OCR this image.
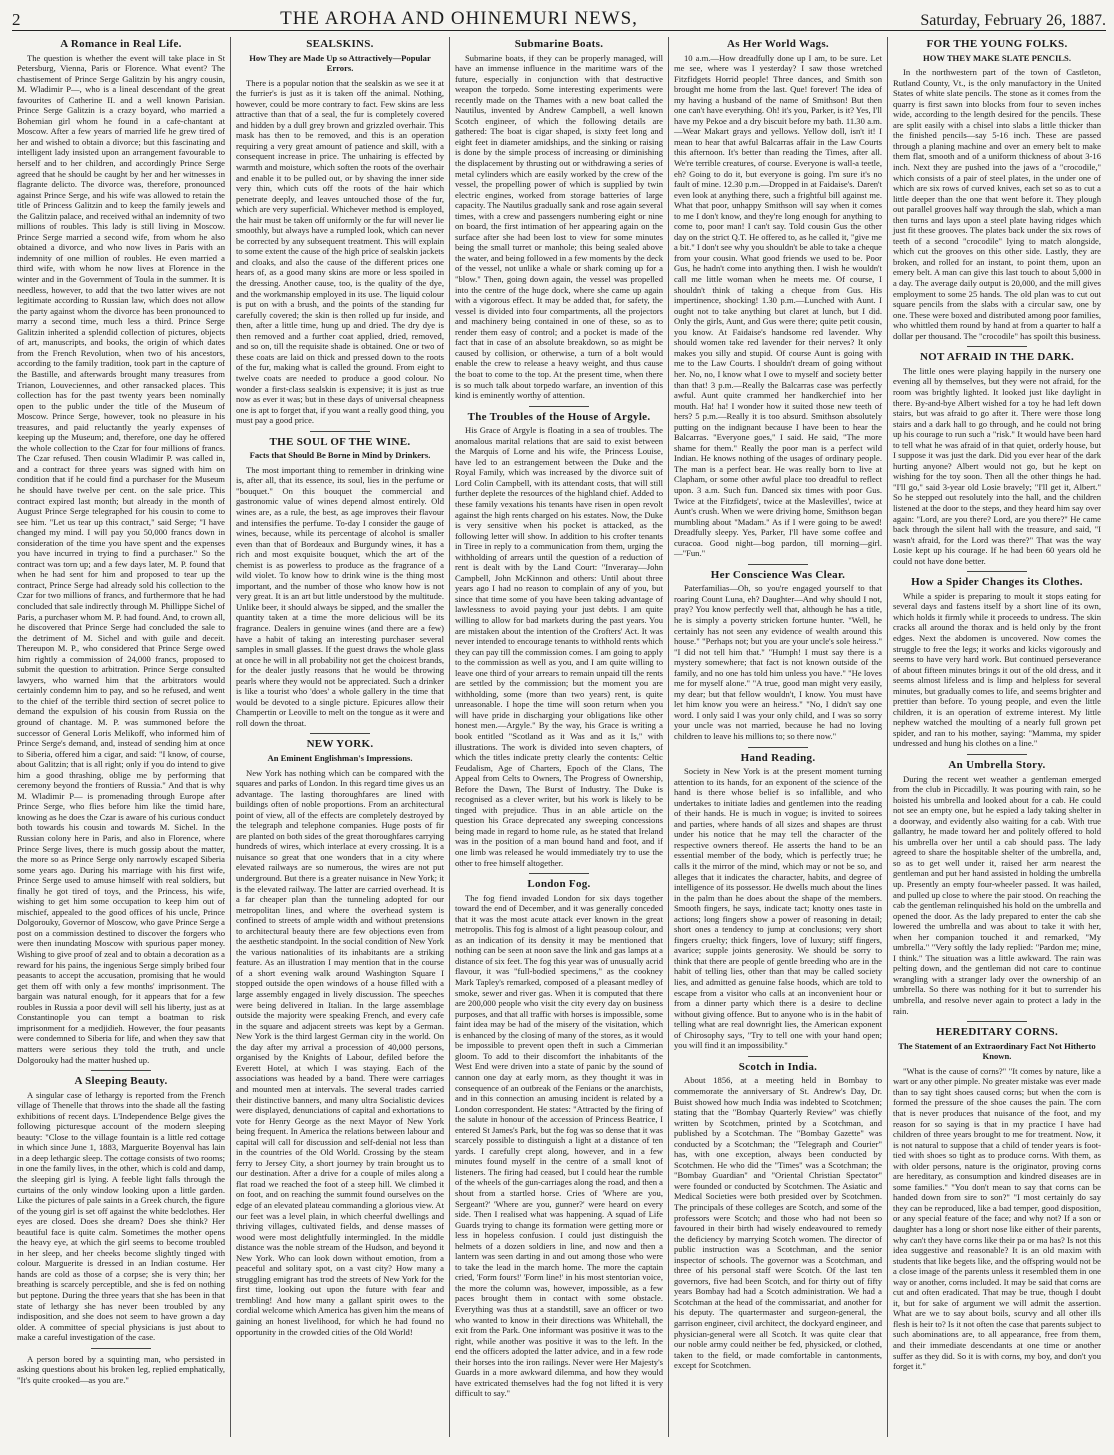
2	THE AROHA AND OHINEMURI NEWS,	Saturday, February 26, 1887.
A Romance in Real Life.

The question is whether the event will take place in St Petersburg, Vienna, Paris or Florence. What event? The chastisement of Prince Serge Galitzin by his angry cousin, M. Wladimir P—, who is a lineal descendant of the great favourites of Catherine II. and a well known Parisian. Prince Serge Galitzin is a crazy boyard, who married a Bohemian girl whom he found in a cafe-chantant at Moscow. After a few years of married life he grew tired of her and wished to obtain a divorce; but this fascinating and intelligent lady insisted upon an arrangement favourable to herself and to her children, and accordingly Prince Serge agreed that he should be caught by her and her witnesses in flagrante delicto. The divorce was, therefore, pronounced against Prince Serge, and his wife was allowed to retain the title of Princess Galitzin and to keep the family jewels and the Galitzin palace, and received withal an indemnity of two millions of roubles. This lady is still living in Moscow. Prince Serge married a second wife, from whom he also obtained a divorce, and who now lives in Paris with an indemnity of one million of roubles. He even married a third wife, with whom he now lives at Florence in the winter and in the Government of Toula in the summer. It is needless, however, to add that the two latter wives are not legitimate according to Russian law, which does not allow the party against whom the divorce has been pronounced to marry a second time, much less a third. Prince Serge Galitzin inherited a splendid collection of pictures, objects of art, manuscripts, and books, the origin of which dates from the French Revolution, when two of his ancestors, according to the family tradition, took part in the capture of the Bastille, and afterwards brought many treasures from Trianon, Louveciennes, and other ransacked places. This collection has for the past twenty years been nominally open to the public under the title of the Museum of Moscow. Prince Serge, however, took no pleasure in his treasures, and paid reluctantly the yearly expenses of keeping up the Museum; and, therefore, one day he offered the whole collection to the Czar for four millions of francs. The Czar refused. Then cousin Wladimir P. was called in, and a contract for three years was signed with him on condition that if he could find a purchaser for the Museum he should have twelve per cent. on the sale price. This contract expired last month; but already in the month of August Prince Serge telegraphed for his cousin to come to see him. "Let us tear up this contract," said Serge; "I have changed my mind. I will pay you 50,000 francs down in consideration of the time you have spent and the expenses you have incurred in trying to find a purchaser." So the contract was torn up; and a few days later, M. P. found that when he had sent for him and proposed to tear up the contract, Prince Serge had already sold his collection to the Czar for two millions of francs, and furthermore that he had concluded that sale indirectly through M. Phillippe Sichel of Paris, a purchaser whom M. P. had found. And, to crown all, he discovered that Prince Serge had concluded the sale to the detriment of M. Sichel and with guile and deceit. Thereupon M. P., who considered that Prince Serge owed him rightly a commission of 24,000 francs, proposed to submit the question to arbitration. Prince Serge consulted lawyers, who warned him that the arbitrators would certainly condemn him to pay, and so he refused, and went to the chief of the terrible third section of secret police to demand the expulsion of his cousin from Russia on the ground of chantage. M. P. was summoned before the successor of General Loris Melikoff, who informed him of Prince Serge's demand, and, instead of sending him at once to Siberia, offered him a cigar, and said: "I know, of course, about Galitzin; that is all right; only if you do intend to give him a good thrashing, oblige me by performing that ceremony beyond the frontiers of Russia." And that is why M. Wladimir P— is promenading through Europe after Prince Serge, who flies before him like the timid hare, knowing as he does the Czar is aware of his curious conduct both towards his cousin and towards M. Sichel. In the Russian colony here in Paris, and also in Florence, where Prince Serge lives, there is much gossip about the matter, the more so as Prince Serge only narrowly escaped Siberia some years ago. During his marriage with his first wife, Prince Serge used to amuse himself with real soldiers, but finally he got tired of toys, and the Princess, his wife, wishing to get him some occupation to keep him out of mischief, appealed to the good offices of his uncle, Prince Dolgorouky, Governor of Moscow, who gave Prince Serge a post on a commission destined to discover the forgers who were then inundating Moscow with spurious paper money. Wishing to give proof of zeal and to obtain a decoration as a reward for his pains, the ingenious Serge simply bribed four peasants to accept the accusation, promising that he would get them off with only a few months' imprisonment. The bargain was natural enough, for it appears that for a few roubles in Russia a poor devil will sell his liberty, just as at Constantinople you can tempt a boatman to risk imprisonment for a medjidieh. However, the four peasants were condemned to Siberia for life, and when they saw that matters were serious they told the truth, and uncle Dolgorouky had the matter hushed up.

A Sleeping Beauty.

A singular case of lethargy is reported from the French village of Thenelle that throws into the shade all the fasting exhibitions of recent days. L'Independence Belge gives the following picturesque account of the modern sleeping beauty: "Close to the village fountain is a little red cottage in which since June 1, 1883, Marguerite Boyenval has lain in a deep lethargic sleep. The cottage consists of two rooms; in one the family lives, in the other, which is cold and damp, the sleeping girl is lying. A feeble light falls through the curtains of the only window looking upon a little garden. Like the pictures of pale saints in a Greek church, the figure of the young girl is set off against the white bedclothes. Her eyes are closed. Does she dream? Does she think? Her beautiful face is quite calm. Sometimes the mother opens the heavy eye, at which the girl seems to become troubled in her sleep, and her cheeks become slightly tinged with colour. Marguerite is dressed in an Indian costume. Her hands are cold as those of a corpse; she is very thin; her breathing is scarcely perceptible, and she is fed on nothing but peptone. During the three years that she has been in that state of lethargy she has never been troubled by any indisposition, and she does not seem to have grown a day older. A committee of special physicians is just about to make a careful investigation of the case.

A person bored by a squinting man, who persisted in asking questions about his broken leg, replied emphatically, "It's quite crooked—as you are."

SEALSKINS.
How They are Made Up so Attractively—Popular Errors.

There is a popular notion that the sealskin as we see it at the furrier's is just as it is taken off the animal. Nothing, however, could be more contrary to fact. Few skins are less attractive than that of a seal, the fur is completely covered and hidden by a dull grey brown and grizzled overhair. This mask has then to be removed, and this is an operation requiring a very great amount of patience and skill, with a consequent increase in price. The unhairing is effected by warmth and moisture, which soften the roots of the overhair and enable it to be pulled out, or by shaving the inner side very thin, which cuts off the roots of the hair which penetrate deeply, and leaves untouched those of the fur, which are very superficial. Whichever method is employed, the hair must be taken off uniformly or the fur will never lie smoothly, but always have a rumpled look, which can never be corrected by any subsequent treatment. This will explain to some extent the cause of the high price of sealskin jackets and cloaks, and also the cause of the different prices one hears of, as a good many skins are more or less spoiled in the dressing. Another cause, too, is the quality of the dye, and the workmanship employed in its use. The liquid colour is put on with a brush, and the points of the standing fur carefully covered; the skin is then rolled up fur inside, and then, after a little time, hung up and dried. The dry dye is then removed and a further coat applied, dried, removed, and so on, till the requisite shade is obtained. One or two of these coats are laid on thick and pressed down to the roots of the fur, making what is called the ground. From eight to twelve coats are needed to produce a good colour. No wonder a first-class sealskin is expensive; it is just as true now as ever it was; but in these days of universal cheapness one is apt to forget that, if you want a really good thing, you must pay a good price.

THE SOUL OF THE WINE.
Facts that Should Be Borne in Mind by Drinkers.

The most important thing to remember in drinking wine is, after all, that its essence, its soul, lies in the perfume or "bouquet." On this bouquet the commercial and gastronomic value of wines depend almost entirely. Old wines are, as a rule, the best, as age improves their flavour and intensifies the perfume. To-day I consider the gauge of wines, because, while its percentage of alcohol is smaller even than that of Bordeaux and Burgundy wines, it has a rich and most exquisite bouquet, which the art of the chemist is as powerless to produce as the fragrance of a wild violet. To know how to drink wine is the thing most important, and the number of those who know how is not very great. It is an art but little understood by the multitude. Unlike beer, it should always be sipped, and the smaller the quantity taken at a time the more delicious will be its fragrance. Dealers in genuine wines (and there are a few) have a habit of taking an interesting purchaser several samples in small glasses. If the guest draws the whole glass at once he will in all probability not get the choicest brands, for the dealer justly reasons that he would be throwing pearls where they would not be appreciated. Such a drinker is like a tourist who 'does' a whole gallery in the time that would be devoted to a single picture. Epicures allow their Champertin or Leoville to melt on the tongue as it were and roll down the throat.

NEW YORK.
An Eminent Englishman's Impressions.

New York has nothing which can be compared with the squares and parks of London. In this regard time gives us an advantage. The lasting thoroughfares are lined with buildings often of noble proportions. From an architectural point of view, all of the effects are completely destroyed by the telegraph and telephone companies. Huge posts of fir are planted on both sides of the great thoroughfares carrying hundreds of wires, which interlace at every crossing. It is a nuisance so great that one wonders that in a city where elevated railways are so numerous, the wires are not put underground. But there is a greater nuisance in New York; it is the elevated railway. The latter are carried overhead. It is a far cheaper plan than the tunneling adopted for our metropolitan lines, and where the overhead system is confined to streets of ample width and without pretensions to architectural beauty there are few objections even from the aesthetic standpoint. In the social condition of New York the various nationalities of its inhabitants are a striking feature. As an illustration I may mention that in the course of a short evening walk around Washington Square I stopped outside the open windows of a house filled with a large assembly engaged in lively discussion. The speeches were being delivered in Italian. In the large assemblage outside the majority were speaking French, and every cafe in the square and adjacent streets was kept by a German. New York is the third largest German city in the world. On the day after my arrival a procession of 40,000 persons, organised by the Knights of Labour, defiled before the Everett Hotel, at which I was staying. Each of the associations was headed by a band. There were carriages and mounted men at intervals. The several trades carried their distinctive banners, and many ultra Socialistic devices were displayed, denunciations of capital and exhortations to vote for Henry George as the next Mayor of New York being frequent. In America the relations between labour and capital will call for discussion and self-denial not less than in the countries of the Old World. Crossing by the steam ferry to Jersey City, a short journey by train brought us to our destination. After a drive for a couple of miles along a flat road we reached the foot of a steep hill. We climbed it on foot, and on reaching the summit found ourselves on the edge of an elevated plateau commanding a glorious view. At our feet was a level plain, in which cheerful dwellings and thriving villages, cultivated fields, and dense masses of wood were most delightfully intermingled. In the middle distance was the noble stream of the Hudson, and beyond it New York. Who can look down without emotion, from a peaceful and solitary spot, on a vast city? How many a struggling emigrant has trod the streets of New York for the first time, looking out upon the future with fear and trembling! And how many a gallant spirit owes to the cordial welcome which America has given him the means of gaining an honest livelihood, for which he had found no opportunity in the crowded cities of the Old World!

Submarine Boats.

Submarine boats, if they can be properly managed, will have an immense influence in the maritime wars of the future, especially in conjunction with that destructive weapon the torpedo. Some interesting experiments were recently made on the Thames with a new boat called the Nautilus, invented by Andrew Campbell, a well known Scotch engineer, of which the following details are gathered: The boat is cigar shaped, is sixty feet long and eight feet in diameter amidships, and the sinking or raising is done by the simple process of increasing or diminishing the displacement by thrusting out or withdrawing a series of metal cylinders which are easily worked by the crew of the vessel, the propelling power of which is supplied by twin electric engines, worked from storage batteries of large capacity. The Nautilus gradually sank and rose again several times, with a crew and passengers numbering eight or nine on board, the first intimation of her appearing again on the surface after she had been lost to view for some minutes being the small turret or manhole; this being sealed above the water, and being followed in a few moments by the deck of the vessel, not unlike a whale or shark coming up for a "blow." Then, going down again, the vessel was propelled into the centre of the huge dock, where she came up again with a vigorous effect. It may be added that, for safety, the vessel is divided into four compartments, all the projectors and machinery being contained in one of these, so as to render them easy of control; and a pocket is made of the fact that in case of an absolute breakdown, so as might be caused by collision, or otherwise, a turn of a bolt would enable the crew to release a heavy weight, and thus cause the boat to come to the top. At the present time, when there is so much talk about torpedo warfare, an invention of this kind is eminently worthy of attention.

The Troubles of the House of Argyle.

His Grace of Argyle is floating in a sea of troubles. The anomalous marital relations that are said to exist between the Marquis of Lorne and his wife, the Princess Louise, have led to an estrangement between the Duke and the Royal Family, which was increased by the divorce suit of Lord Colin Campbell, with its attendant costs, that will still further deplete the resources of the highland chief. Added to these family vexations his tenants have risen in open revolt against the high rents charged on his estates. Now, the Duke is very sensitive when his pocket is attacked, as the following letter will show. In addition to his crofter tenants in Tiree in reply to a communication from them, urging the withholding of arrears until the question of a reduction of rent is dealt with by the Land Court: "Inveraray—John Campbell, John McKinnon and others: Until about three years ago I had no reason to complain of any of you, but since that time some of you have been taking advantage of lawlessness to avoid paying your just debts. I am quite willing to allow for bad markets during the past years. You are mistaken about the intention of the Crofters' Act. It was never intended to encourage tenants to withhold rents which they can pay till the commission comes. I am going to apply to the commission as well as you, and I am quite willing to leave one third of your arrears to remain unpaid till the rents are settled by the commission; but the moment you are withholding, some (more than two years) rent, is quite unreasonable. I hope the time will soon return when you will have pride in discharging your obligations like other honest men.—Argyle." By the way, his Grace is writing a book entitled "Scotland as it Was and as it Is," with illustrations. The work is divided into seven chapters, of which the titles indicate pretty clearly the contents: Celtic Feudalism, Age of Charters, Epoch of the Clans, The Appeal from Celts to Owners, The Progress of Ownership, Before the Dawn, The Burst of Industry. The Duke is recognised as a clever writer, but his work is likely to be tinged with prejudice. Thus in an able article on the question his Grace deprecated any sweeping concessions being made in regard to home rule, as he stated that Ireland was in the position of a man bound hand and foot, and if one limb was released he would immediately try to use the other to free himself altogether.

London Fog.

The fog fiend invaded London for six days together toward the end of December, and it was generally conceded that it was the most acute attack ever known in the great metropolis. This fog is almost of a light peasoup colour, and as an indication of its density it may be mentioned that nothing can be seen at noon save the link and gas lamps at a distance of six feet. The fog this year was of unusually acrid flavour, it was "full-bodied specimens," as the cookney Mark Tapley's remarked, composed of a pleasant medley of smoke, sewer and river gas. When it is computed that there are 200,000 people who visit the city every day on business purposes, and that all traffic with horses is impossible, some faint idea may be had of the misery of the visitation, which is enhanced by the closing of many of the stores, as it would be impossible to prevent open theft in such a Cimmerian gloom. To add to their discomfort the inhabitants of the West End were driven into a state of panic by the sound of cannon one day at early morn, as they thought it was in consequence of an outbreak of the Fenians or the anarchists, and in this connection an amusing incident is related by a London correspondent. He states: "Attracted by the firing of the salute in honour of the accession of Princess Beatrice, I entered St James's Park, but the fog was so dense that it was scarcely possible to distinguish a light at a distance of ten yards. I carefully crept along, however, and in a few minutes found myself in the centre of a small knot of listeners. The firing had ceased, but I could hear the rumble of the wheels of the gun-carriages along the road, and then a shout from a startled horse. Cries of 'Where are you, Sergeant?' 'Where are you, gunner?' were heard on every side. Then I realised what was happening. A squad of Life Guards trying to change its formation were getting more or less in hopeless confusion. I could just distinguish the helmets of a dozen soldiers in line, and now and then a lantern was seen darting in and out among those who were to take the lead in the march home. The more the captain cried, 'Form fours!' 'Form line!' in his most stentorian voice, the more the column was, however, impossible, as a few paces brought them in contact with some obstacle. Everything was thus at a standstill, save an officer or two who wanted to know in their directions was Whitehall, the exit from the Park. One informant was positive it was to the right, while another was positive it was to the left. In the end the officers adopted the latter advice, and in a few rode their horses into the iron railings. Never were Her Majesty's Guards in a more awkward dilemma, and how they would have extricated themselves had the fog not lifted it is very difficult to say."

As Her World Wags.

10 a.m.—How dreadfully done up I am, to be sure. Let me see, where was I yesterday? I saw those wretched Fitzfidgets Horrid people! Three dances, and Smith son brought me home from the last. Que! forever! The idea of my having a husband of the name of Smithson! But then one can't have everything. Oh! it's you, Parker, is it? Yes, I'll have my Pekoe and a dry biscuit before my bath. 11.30 a.m.—Wear Makart grays and yellows. Yellow doll, isn't it! I mean to hear that awful Balcarras affair in the Law Courts this afternoon. It's better than reading the Times, after all. We're terrible creatures, of course. Everyone is wall-a teetle, eh? Going to do it, but everyone is going. I'm sure it's no fault of mine. 12.30 p.m.—Dropped in at Faidaise's. Daren't even look at anything there, such a frightful bill against me. What that poor, unhappy Smithson will say when it comes to me I don't know, and they're long enough for anything to come to, poor man! I can't say. Told cousin Gus the other day on the strict Q.T. He offered to, as he called it, "give me a bit." I don't see why you shouldn't be able to take a cheque from your cousin. What good friends we used to be. Poor Gus, he hadn't come into anything then. I wish he wouldn't call me little woman when he meets me. Of course, I shouldn't think of taking a cheque from Gus. His impertinence, shocking! 1.30 p.m.—Lunched with Aunt. I ought not to take anything but claret at lunch, but I did. Only the girls, Aunt, and Gus were there; quite petit cousin, you know. At Faidaise's handsome red lavender. Why should women take red lavender for their nerves? It only makes you silly and stupid. Of course Aunt is going with me to the Law Courts. I shouldn't dream of going without her. No, no, I know what I owe to myself and society better than that! 3 p.m.—Really the Balcarras case was perfectly awful. Aunt quite crammed her handkerchief into her mouth. Ha! ha! I wonder how it suited those new teeth of hers? 5 p.m.—Really it is too absurd. Smithson absolutely putting on the indignant because I have been to hear the Balcarras. "Everyone goes," I said. He said, "The more shame for them." Really the poor man is a perfect wild Indian. He knows nothing of the usages of ordinary people. The man is a perfect bear. He was really born to live at Clapham, or some other awful place too dreadful to reflect upon. 3 a.m. Such fun. Danced six times with poor Gus. Twice at the Fitzfidgets', twice at the Maslevilles', twice at Aunt's crush. When we were driving home, Smithson began mumbling about "Madam." As if I were going to be awed! Dreadfully sleepy. Yes, Parker, I'll have some coffee and curacoa. Good night—bog pardon, till morning—girl.—"Fun."

Her Conscience Was Clear.

Paterfamilias—Oh, so you're engaged yourself to that roaring Count Luna, eh? Daughter—And why should I not, pray? You know perfectly well that, although he has a title, he is simply a poverty stricken fortune hunter. "Well, he certainly has not seen any evidence of wealth around this house." "Perhaps not; but you are your uncle's sole heiress." "I did not tell him that." "Humph! I must say there is a mystery somewhere; that fact is not known outside of the family, and no one has told him unless you have." "He loves me for myself alone." "A true, good man might very easily, my dear; but that fellow wouldn't, I know. You must have let him know you were an heiress." "No, I didn't say one word. I only said I was your only child, and I was so sorry your uncle was not married, because he had no loving children to leave his millions to; so there now."

Hand Reading.

Society in New York is at the present moment turning attention to its hands, for an exponent of the science of the hand is there whose belief is so infallible, and who undertakes to initiate ladies and gentlemen into the reading of their hands. He is much in vogue; is invited to soirees and parties, where hands of all sizes and shapes are thrust under his notice that he may tell the character of the respective owners thereof. He asserts the hand to be an essential member of the body, which is perfectly true; he calls it the mirror of the mind, which may or not be so, and alleges that it indicates the character, habits, and degree of intelligence of its possessor. He dwells much about the lines in the palm than he does about the shape of the members. Smooth fingers, he says, indicate tact; knotty ones taste in actions; long fingers show a power of reasoning in detail; short ones a tendency to jump at conclusions; very short fingers cruelty; thick fingers, love of luxury; stiff fingers, avarice; supple joints generosity. We should be sorry to think that there are people of gentle breeding who are in the habit of telling lies, other than that may be called society lies, and admitted as genuine false hoods, which are told to escape from a visitor who calls at an inconvenient hour or from a dinner party which there is a desire to decline without giving offence. But to anyone who is in the habit of telling what are real downright lies, the American exponent of Chirosophy says, "Try to tell one with your hand open; you will find it an impossibility."

Scotch in India.

About 1856, at a meeting held in Bombay to commemorate the anniversary of St. Andrew's Day, Dr. Buist showed how much India was indebted to Scotchmen; stating that the "Bombay Quarterly Review" was chiefly written by Scotchmen, printed by a Scotchman, and published by a Scotchman. The "Bombay Gazette" was conducted by a Scotchman; the "Telegraph and Courier" has, with one exception, always been conducted by Scotchmen. He who did the "Times" was a Scotchman; the "Bombay Guardian" and "Oriental Christian Spectator" were founded or conducted by Scotchmen. The Asiatic and Medical Societies were both presided over by Scotchmen. The principals of these colleges are Scotch, and some of the professors were Scotch; and those who had not been so favoured in their birth had wisely endeavoured to remedy the deficiency by marrying Scotch women. The director of public instruction was a Scotchman, and the senior inspector of schools. The governor was a Scotchman, and three of his personal staff were Scotch. Of the last ten governors, five had been Scotch, and for thirty out of fifty years Bombay had had a Scotch administration. We had a Scotchman at the head of the commissariat, and another for his deputy. The quartermaster and surgeon-general, the garrison engineer, civil architect, the dockyard engineer, and physician-general were all Scotch. It was quite clear that our noble army could neither be fed, physicked, or clothed, taken to the field, or made comfortable in cantonments, except for Scotchmen.

FOR THE YOUNG FOLKS.
HOW THEY MAKE SLATE PENCILS.

In the northwestern part of the town of Castleton, Rutland County, Vt., is the only manufactory in the United States of white slate pencils. The stone as it comes from the quarry is first sawn into blocks from four to seven inches wide, according to the length desired for the pencils. These are split easily with a chisel into slabs a little thicker than the finished pencils—say 5-16 inch. These are passed through a planing machine and over an emery belt to make them flat, smooth and of a uniform thickness of about 3-16 inch. Next they are pushed into the jaws of a "crocodile," which consists of a pair of steel plates, in the under one of which are six rows of curved knives, each set so as to cut a little deeper than the one that went before it. They plough out parallel grooves half way through the slab, which a man then turns and lays upon a steel plate having ridges which just fit these grooves. The plates back under the six rows of teeth of a second "crocodile" lying to match alongside, which cut the grooves on this other side. Lastly, they are broken, and rolled for an instant, to point them, upon an emery belt. A man can give this last touch to about 5,000 in a day. The average daily output is 20,000, and the mill gives employment to some 25 hands. The old plan was to cut out square pencils from the slabs with a circular saw, one by one. These were boxed and distributed among poor families, who whittled them round by hand at from a quarter to half a dollar per thousand. The "crocodile" has spoilt this business.

NOT AFRAID IN THE DARK.

The little ones were playing happily in the nursery one evening all by themselves, but they were not afraid, for the room was brightly lighted. It looked just like daylight in there. By-and-bye Albert wished for a toy he had left down stairs, but was afraid to go after it. There were those long stairs and a dark hall to go through, and he could not bring up his courage to run such a "risk." It would have been hard to tell what he was afraid of in that quiet, orderly house, but I suppose it was just the dark. Did you ever hear of the dark hurting anyone? Albert would not go, but he kept on wishing for the toy soon. Then all the other things he had. "I'll go," said 3-year old Losie bravely; "I'll get it, Albert." So he stepped out resolutely into the hall, and the children listened at the door to the steps, and they heard him say over again: "Lord, are you there? Lord, are you there?" He came back through the silent hall with the treasure, and said, "I wasn't afraid, for the Lord was there?" That was the way Losie kept up his courage. If he had been 60 years old he could not have done better.

How a Spider Changes its Clothes.

While a spider is preparing to moult it stops eating for several days and fastens itself by a short line of its own, which holds it firmly while it proceeds to undress. The skin cracks all around the thorax and is held only by the front edges. Next the abdomen is uncovered. Now comes the struggle to free the legs; it works and kicks vigorously and seems to have very hard work. But continued perseverance of about fifteen minutes brings it out of the old dress, and it seems almost lifeless and is limp and helpless for several minutes, but gradually comes to life, and seems brighter and prettier than before. To young people, and even the little children, it is an operation of extreme interest. My little nephew watched the moulting of a nearly full grown pet spider, and ran to his mother, saying: "Mamma, my spider undressed and hung his clothes on a line."

An Umbrella Story.

During the recent wet weather a gentleman emerged from the club in Piccadilly. It was pouring with rain, so he hoisted his umbrella and looked about for a cab. He could not see an empty one, but he espied a lady taking shelter in a doorway, and evidently also waiting for a cab. With true gallantry, he made toward her and politely offered to hold his umbrella over her until a cab should pass. The lady agreed to share the hospitable shelter of the umbrella, and, so as to get well under it, raised her arm nearest the gentleman and put her hand assisted in holding the umbrella up. Presently an empty four-wheeler passed. It was hailed, and pulled up close to where the pair stood. On reaching the cab the gentleman relinquished his hold on the umbrella and opened the door. As the lady prepared to enter the cab she lowered the umbrella and was about to take it with her, when her companion touched it and remarked, "My umbrella." "Very softly the lady replied: "Pardon me; mine, I think." The situation was a little awkward. The rain was pelting down, and the gentleman did not care to continue wrangling with a stranger lady over the ownership of an umbrella. So there was nothing for it but to surrender his umbrella, and resolve never again to protect a lady in the rain.

HEREDITARY CORNS.
The Statement of an Extraordinary Fact Not Hitherto Known.

"What is the cause of corns?" "It comes by nature, like a wart or any other pimple. No greater mistake was ever made than to say tight shoes caused corns; but when the corn is formed the pressure of the shoe causes the pain. The corn that is never produces that nuisance of the foot, and my reason for so saying is that in my practice I have had children of three years brought to me for treatment. Now, it is not natural to suppose that a child of tender years is foot-tied with shoes so tight as to produce corns. With them, as with older persons, nature is the originator, proving corns are hereditary, as consumption and kindred diseases are in some families." "You don't mean to say that corns can be handed down from sire to son?" "I most certainly do say they can be reproduced, like a bad temper, good disposition, or any special feature of the face; and why not? If a son or daughter has a long or short nose like either of their parents, why can't they have corns like their pa or ma has? Is not this idea suggestive and reasonable? It is an old maxim with students that like begets like, and the offspring would not be a close image of the parents unless it resembled them in one way or another, corns included. It may be said that corns are cut and often eradicated. That may be true, though I doubt it, but for sake of argument we will admit the assertion. What are we to say about boils, scurvy and all other ills flesh is heir to? Is it not often the case that parents subject to such abominations are, to all appearance, free from them, and their immediate descendants at one time or another suffer as they did. So it is with corns, my boy, and don't you forget it."
